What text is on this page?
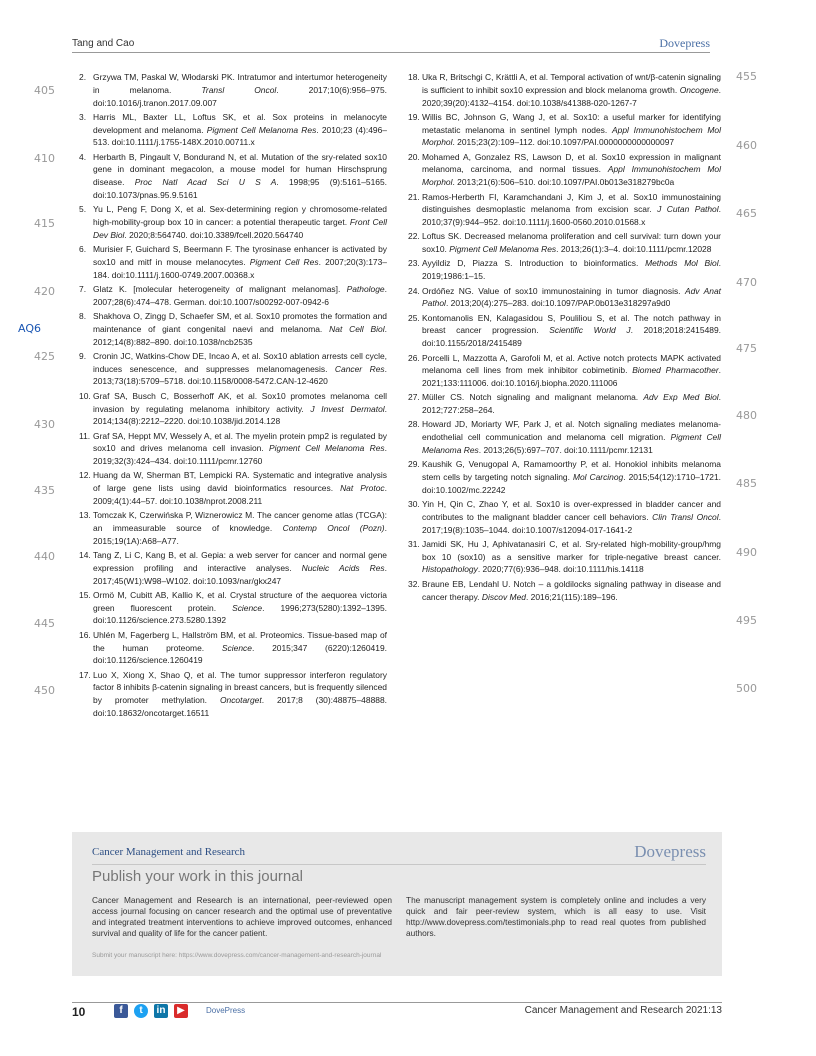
Tang and Cao	Dovepress
405
410
415
420
425
430
435
440
445
450
455
460
465
470
475
480
485
490
495
500
AQ6
2. Grzywa TM, Paskal W, Włodarski PK. Intratumor and intertumor heterogeneity in melanoma.	Transl Oncol. 2017;10(6):956–975. doi:10.1016/j.tranon.2017.09.007
3. Harris ML, Baxter LL, Loftus SK, et al. Sox proteins in melanocyte development and melanoma. Pigment Cell Melanoma Res. 2010;23 (4):496–513. doi:10.1111/j.1755-148X.2010.00711.x
4. Herbarth B, Pingault V, Bondurand N, et al. Mutation of the sry-related sox10 gene in dominant megacolon, a mouse model for human Hirschsprung disease. Proc Natl Acad Sci U S A. 1998;95 (9):5161–5165. doi:10.1073/pnas.95.9.5161
5. Yu L, Peng F, Dong X, et al. Sex-determining region y chromosome-related high-mobility-group box 10 in cancer: a potential therapeutic target. Front Cell Dev Biol. 2020;8:564740. doi:10.3389/fcell.2020.564740
6. Murisier F, Guichard S, Beermann F. The tyrosinase enhancer is activated by sox10 and mitf in mouse melanocytes. Pigment Cell Res. 2007;20(3):173–184. doi:10.1111/j.1600-0749.2007.00368.x
7. Glatz K. [molecular heterogeneity of malignant melanomas]. Pathologe. 2007;28(6):474–478. German. doi:10.1007/s00292-007-0942-6
8. Shakhova O, Zingg D, Schaefer SM, et al. Sox10 promotes the formation and maintenance of giant congenital naevi and melanoma. Nat Cell Biol. 2012;14(8):882–890. doi:10.1038/ncb2535
9. Cronin JC, Watkins-Chow DE, Incao A, et al. Sox10 ablation arrests cell cycle, induces senescence, and suppresses melanomagenesis. Cancer Res. 2013;73(18):5709–5718. doi:10.1158/0008-5472.CAN-12-4620
10. Graf SA, Busch C, Bosserhoff AK, et al. Sox10 promotes melanoma cell invasion by regulating melanoma inhibitory activity. J Invest Dermatol. 2014;134(8):2212–2220. doi:10.1038/jid.2014.128
11. Graf SA, Heppt MV, Wessely A, et al. The myelin protein pmp2 is regulated by sox10 and drives melanoma cell invasion. Pigment Cell Melanoma Res. 2019;32(3):424–434. doi:10.1111/pcmr.12760
12. Huang da W, Sherman BT, Lempicki RA. Systematic and integrative analysis of large gene lists using david bioinformatics resources. Nat Protoc. 2009;4(1):44–57. doi:10.1038/nprot.2008.211
13. Tomczak K, Czerwińska P, Wiznerowicz M. The cancer genome atlas (TCGA): an immeasurable source of knowledge. Contemp Oncol (Pozn). 2015;19(1A):A68–A77.
14. Tang Z, Li C, Kang B, et al. Gepia: a web server for cancer and normal gene expression profiling and interactive analyses. Nucleic Acids Res. 2017;45(W1):W98–W102. doi:10.1093/nar/gkx247
15. Ormö M, Cubitt AB, Kallio K, et al. Crystal structure of the aequorea victoria green fluorescent protein. Science. 1996;273(5280):1392–1395. doi:10.1126/science.273.5280.1392
16. Uhlén M, Fagerberg L, Hallström BM, et al. Proteomics. Tissue-based map of the human proteome. Science. 2015;347 (6220):1260419. doi:10.1126/science.1260419
17. Luo X, Xiong X, Shao Q, et al. The tumor suppressor interferon regulatory factor 8 inhibits β-catenin signaling in breast cancers, but is frequently silenced by promoter methylation. Oncotarget. 2017;8 (30):48875–48888. doi:10.18632/oncotarget.16511
18. Uka R, Britschgi C, Krättli A, et al. Temporal activation of wnt/β-catenin signaling is sufficient to inhibit sox10 expression and block melanoma growth. Oncogene. 2020;39(20):4132–4154. doi:10.1038/s41388-020-1267-7
19. Willis BC, Johnson G, Wang J, et al. Sox10: a useful marker for identifying metastatic melanoma in sentinel lymph nodes. Appl Immunohistochem Mol Morphol. 2015;23(2):109–112. doi:10.1097/PAI.0000000000000097
20. Mohamed A, Gonzalez RS, Lawson D, et al. Sox10 expression in malignant melanoma, carcinoma, and normal tissues. Appl Immunohistochem Mol Morphol. 2013;21(6):506–510. doi:10.1097/PAI.0b013e318279bc0a
21. Ramos-Herberth FI, Karamchandani J, Kim J, et al. Sox10 immunostaining distinguishes desmoplastic melanoma from excision scar. J Cutan Pathol. 2010;37(9):944–952. doi:10.1111/j.1600-0560.2010.01568.x
22. Loftus SK. Decreased melanoma proliferation and cell survival: turn down your sox10. Pigment Cell Melanoma Res. 2013;26(1):3–4. doi:10.1111/pcmr.12028
23. Ayyildiz D, Piazza S. Introduction to bioinformatics. Methods Mol Biol. 2019;1986:1–15.
24. Ordóñez NG. Value of sox10 immunostaining in tumor diagnosis. Adv Anat Pathol. 2013;20(4):275–283. doi:10.1097/PAP.0b013e318297a9d0
25. Kontomanolis EN, Kalagasidou S, Pouliliou S, et al. The notch pathway in breast cancer progression. Scientific World J. 2018;2018:2415489. doi:10.1155/2018/2415489
26. Porcelli L, Mazzotta A, Garofoli M, et al. Active notch protects MAPK activated melanoma cell lines from mek inhibitor cobimetinib. Biomed Pharmacother. 2021;133:111006. doi:10.1016/j.biopha.2020.111006
27. Müller CS. Notch signaling and malignant melanoma. Adv Exp Med Biol. 2012;727:258–264.
28. Howard JD, Moriarty WF, Park J, et al. Notch signaling mediates melanoma-endothelial cell communication and melanoma cell migration. Pigment Cell Melanoma Res. 2013;26(5):697–707. doi:10.1111/pcmr.12131
29. Kaushik G, Venugopal A, Ramamoorthy P, et al. Honokiol inhibits melanoma stem cells by targeting notch signaling. Mol Carcinog. 2015;54(12):1710–1721. doi:10.1002/mc.22242
30. Yin H, Qin C, Zhao Y, et al. Sox10 is over-expressed in bladder cancer and contributes to the malignant bladder cancer cell behaviors. Clin Transl Oncol. 2017;19(8):1035–1044. doi:10.1007/s12094-017-1641-2
31. Jamidi SK, Hu J, Aphivatanasiri C, et al. Sry-related high-mobility-group/hmg box 10 (sox10) as a sensitive marker for triple-negative breast cancer. Histopathology. 2020;77(6):936–948. doi:10.1111/his.14118
32. Braune EB, Lendahl U. Notch – a goldilocks signaling pathway in disease and cancer therapy. Discov Med. 2016;21(115):189–196.
Cancer Management and Research	Dovepress
Publish your work in this journal
Cancer Management and Research is an international, peer-reviewed open access journal focusing on cancer research and the optimal use of preventative and integrated treatment interventions to achieve improved outcomes, enhanced survival and quality of life for the cancer patient.
The manuscript management system is completely online and includes a very quick and fair peer-review system, which is all easy to use. Visit http://www.dovepress.com/testimonials.php to read real quotes from published authors.
Submit your manuscript here: https://www.dovepress.com/cancer-management-and-research-journal
10	f t in ▶	DovePress	Cancer Management and Research 2021:13
